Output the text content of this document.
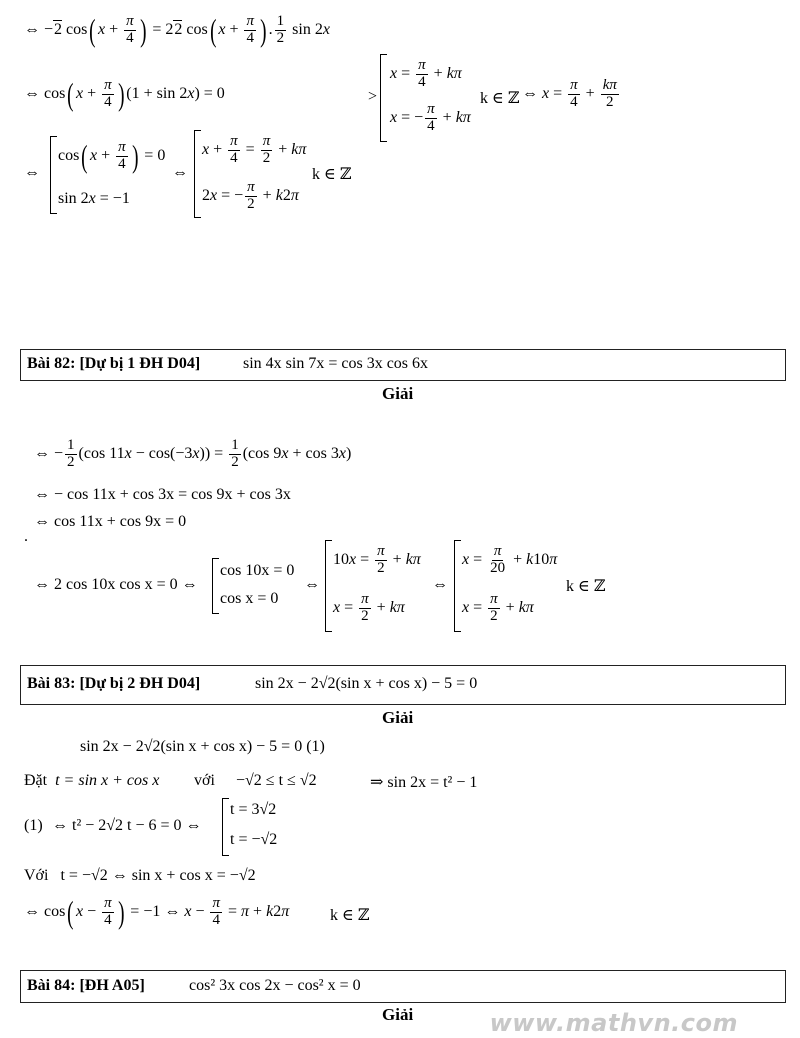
⇔ −2 cos( $x + \frac{\pi}{4}$ ) = 22 cos( $x + \frac{\pi}{4}$ ) . $\frac{1}{2}$ sin 2x
⇔ cos( $x + \frac{\pi}{4}$ ) (1 + sin 2x) = 0	>
$x = \frac{\pi}{4} + k\pi$
x = − $\frac{\pi}{4} + k\pi$
k ∈ ℤ ⇔ $x = \frac{\pi}{4} + \frac{k\pi}{2}$
⇔
cos( $x + \frac{\pi}{4}$ ) = 0
sin 2x = −1
⇔
$x + \frac{\pi}{4} = \frac{\pi}{2} + k\pi$
2x = − $\frac{\pi}{2} + k2\pi$
k ∈ ℤ
Bài 82: [Dự bị 1 ĐH D04]	sin 4x sin 7x = cos 3x cos 6x
Giải
⇔ − $\frac{1}{2} (\cos$ $11x - \cos(-3x)) = \frac{1}{2} (\cos$ 9x + cos 3x)
⇔ − cos 11x + cos 3x = cos 9x + cos 3x
⇔ cos 11x + cos 9x = 0
.
⇔ 2 cos 10x cos x = 0 ⇔
cos 10x = 0
cos x = 0
⇔
$10x = \frac{\pi}{2} + k\pi$
$x = \frac{\pi}{2} + k\pi$
⇔
$x = \frac{\pi}{20} + k10\pi$
$x = \frac{\pi}{2} + k\pi$
k ∈ ℤ
Bài 83: [Dự bị 2 ĐH D04]	sin 2x − 2√2(sin x + cos x) − 5 = 0
Giải
sin 2x − 2√2(sin x + cos x) − 5 = 0 (1)
Đặt t = sin x + cos x với −√2 ≤ t ≤ √2	⇒ sin 2x = t² − 1
(1) ⇔ t² − 2√2 t − 6 = 0 ⇔
t = 3√2
t = −√2
Với t = −√2 ⇔ sin x + cos x = −√2
⇔ cos( $x - \frac{\pi}{4}$ ) = −1 ⇔ $x - \frac{\pi}{4} = \pi + k2\pi$	k ∈ ℤ
Bài 84: [ĐH A05]	cos² 3x cos 2x − cos² x = 0
Giải	www.mathvn.com
